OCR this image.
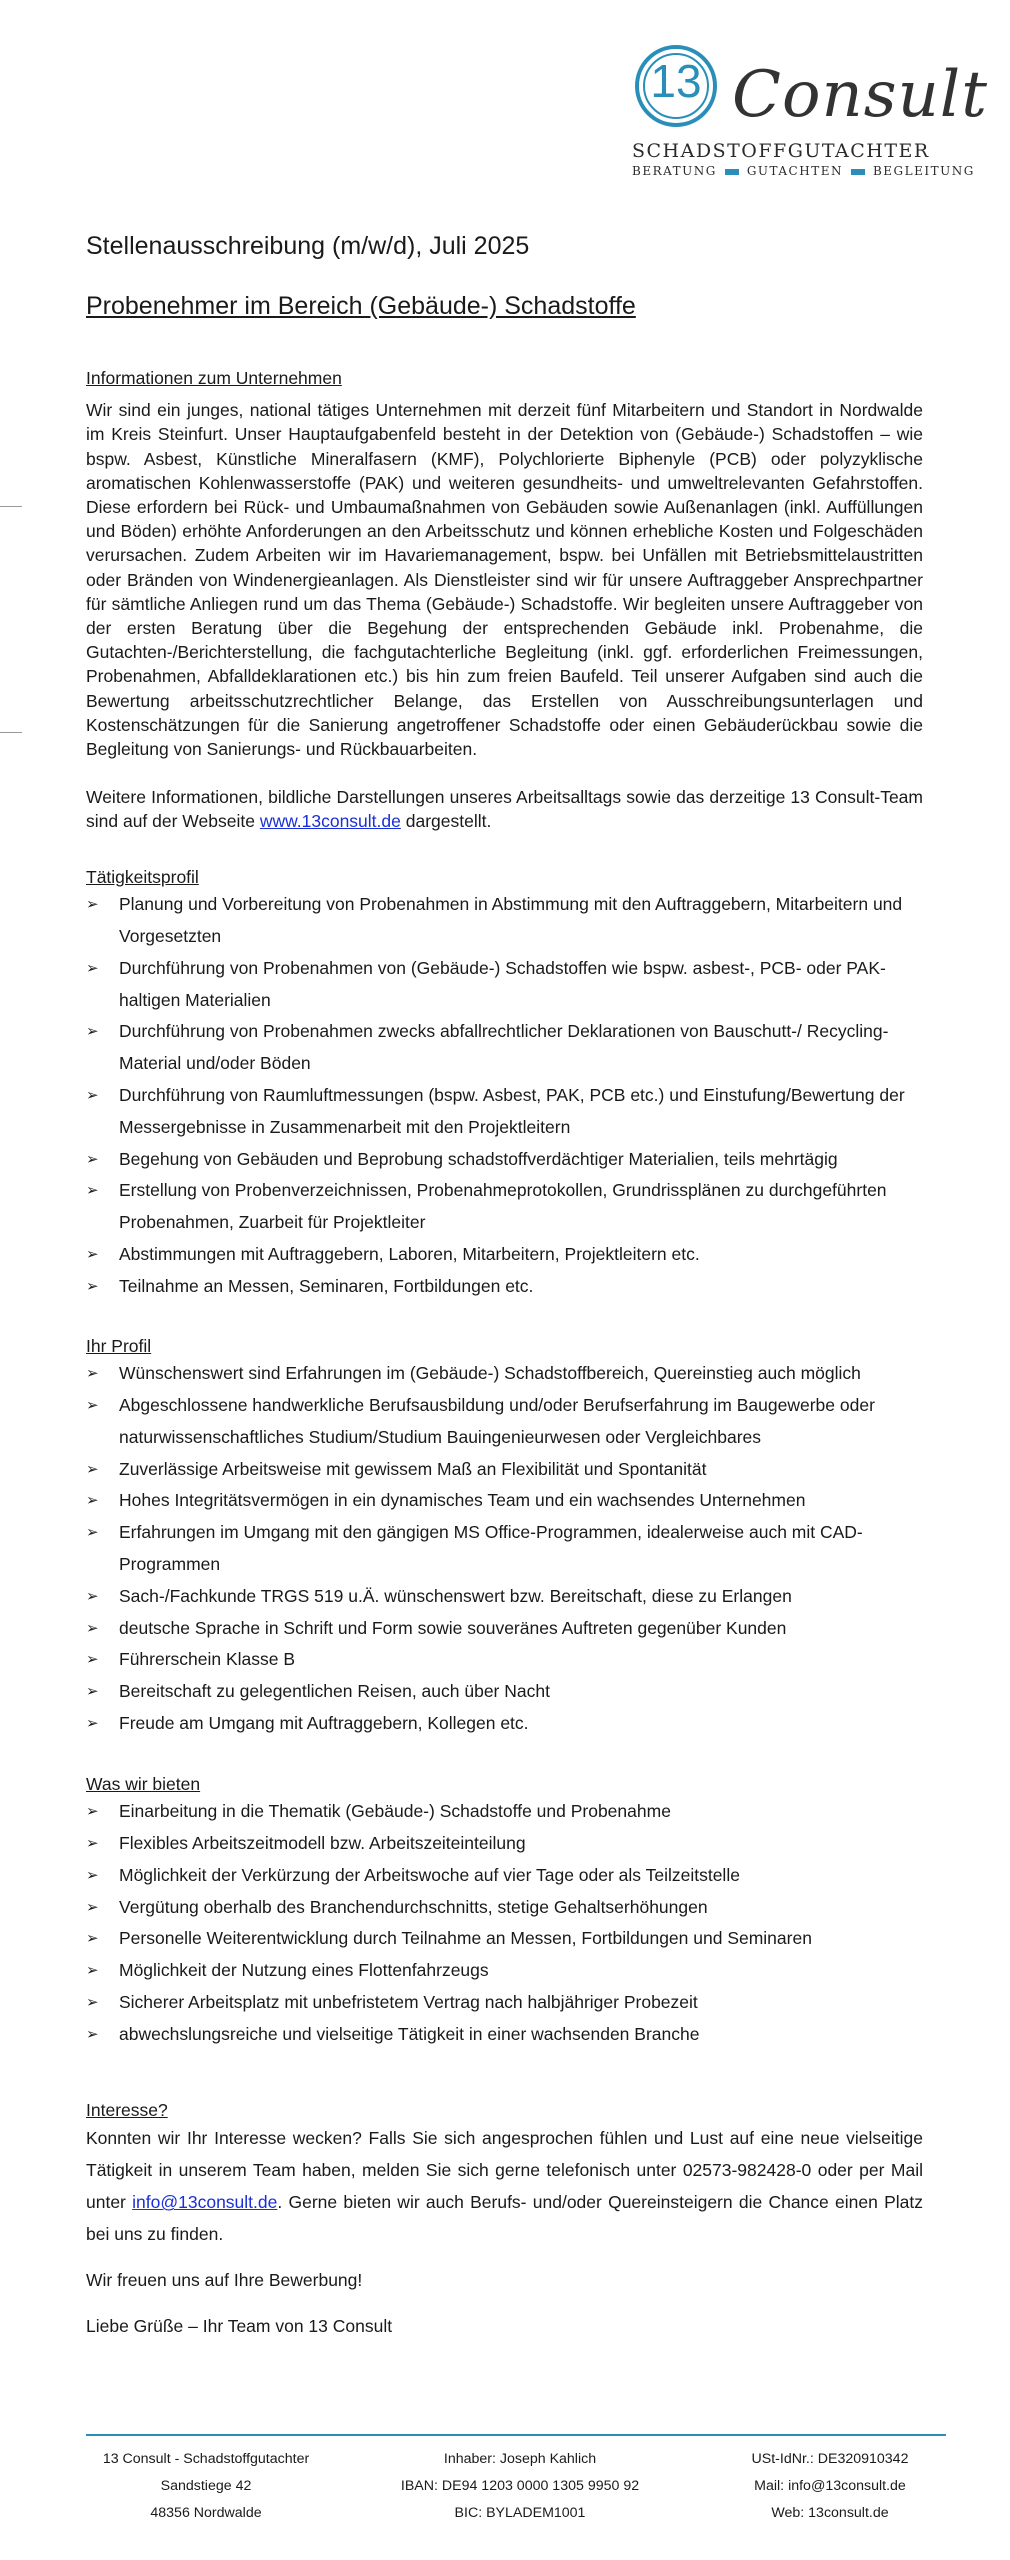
13 Consult
SCHADSTOFFGUTACHTER
BERATUNG	GUTACHTEN	BEGLEITUNG
Stellenausschreibung (m/w/d), Juli 2025
Probenehmer im Bereich (Gebäude-) Schadstoffe
Informationen zum Unternehmen

Wir sind ein junges, national tätiges Unternehmen mit derzeit fünf Mitarbeitern und Standort in Nordwalde im Kreis Steinfurt. Unser Hauptaufgabenfeld besteht in der Detektion von (Gebäude-) Schadstoffen – wie bspw. Asbest, Künstliche Mineralfasern (KMF), Polychlorierte Biphenyle (PCB) oder polyzyklische aromatischen Kohlenwasserstoffe (PAK) und weiteren gesundheits- und umweltrelevanten Gefahrstoffen. Diese erfordern bei Rück- und Umbaumaßnahmen von Gebäuden sowie Außenanlagen (inkl. Auffüllungen und Böden) erhöhte Anforderungen an den Arbeitsschutz und können erhebliche Kosten und Folgeschäden verursachen. Zudem Arbeiten wir im Havariemanagement, bspw. bei Unfällen mit Betriebsmittelaustritten oder Bränden von Windenergieanlagen. Als Dienstleister sind wir für unsere Auftraggeber Ansprechpartner für sämtliche Anliegen rund um das Thema (Gebäude-) Schadstoffe. Wir begleiten unsere Auftraggeber von der ersten Beratung über die Begehung der entsprechenden Gebäude inkl. Probenahme, die Gutachten-/Berichterstellung, die fachgutachterliche Begleitung (inkl. ggf. erforderlichen Freimessungen, Probenahmen, Abfalldeklarationen etc.) bis hin zum freien Baufeld. Teil unserer Aufgaben sind auch die Bewertung arbeitsschutzrechtlicher Belange, das Erstellen von Ausschreibungsunterlagen und Kostenschätzungen für die Sanierung angetroffener Schadstoffe oder einen Gebäuderückbau sowie die Begleitung von Sanierungs- und Rückbauarbeiten.

Weitere Informationen, bildliche Darstellungen unseres Arbeitsalltags sowie das derzeitige 13 Consult-Team sind auf der Webseite www.13consult.de dargestellt.

Tätigkeitsprofil
➢ Planung und Vorbereitung von Probenahmen in Abstimmung mit den Auftraggebern, Mitarbeitern und Vorgesetzten
➢ Durchführung von Probenahmen von (Gebäude-) Schadstoffen wie bspw. asbest-, PCB- oder PAK-haltigen Materialien
➢ Durchführung von Probenahmen zwecks abfallrechtlicher Deklarationen von Bauschutt-/ Recycling-Material und/oder Böden
➢ Durchführung von Raumluftmessungen (bspw. Asbest, PAK, PCB etc.) und Einstufung/Bewertung der Messergebnisse in Zusammenarbeit mit den Projektleitern
➢ Begehung von Gebäuden und Beprobung schadstoffverdächtiger Materialien, teils mehrtägig
➢ Erstellung von Probenverzeichnissen, Probenahmeprotokollen, Grundrissplänen zu durchgeführten Probenahmen, Zuarbeit für Projektleiter
➢ Abstimmungen mit Auftraggebern, Laboren, Mitarbeitern, Projektleitern etc.
➢ Teilnahme an Messen, Seminaren, Fortbildungen etc.
Ihr Profil
➢ Wünschenswert sind Erfahrungen im (Gebäude-) Schadstoffbereich, Quereinstieg auch möglich
➢ Abgeschlossene handwerkliche Berufsausbildung und/oder Berufserfahrung im Baugewerbe oder naturwissenschaftliches Studium/Studium Bauingenieurwesen oder Vergleichbares
➢ Zuverlässige Arbeitsweise mit gewissem Maß an Flexibilität und Spontanität
➢ Hohes Integritätsvermögen in ein dynamisches Team und ein wachsendes Unternehmen
➢ Erfahrungen im Umgang mit den gängigen MS Office-Programmen, idealerweise auch mit CAD-Programmen
➢ Sach-/Fachkunde TRGS 519 u.Ä. wünschenswert bzw. Bereitschaft, diese zu Erlangen
➢ deutsche Sprache in Schrift und Form sowie souveränes Auftreten gegenüber Kunden
➢ Führerschein Klasse B
➢ Bereitschaft zu gelegentlichen Reisen, auch über Nacht
➢ Freude am Umgang mit Auftraggebern, Kollegen etc.
Was wir bieten
➢ Einarbeitung in die Thematik (Gebäude-) Schadstoffe und Probenahme
➢ Flexibles Arbeitszeitmodell bzw. Arbeitszeiteinteilung
➢ Möglichkeit der Verkürzung der Arbeitswoche auf vier Tage oder als Teilzeitstelle
➢ Vergütung oberhalb des Branchendurchschnitts, stetige Gehaltserhöhungen
➢ Personelle Weiterentwicklung durch Teilnahme an Messen, Fortbildungen und Seminaren
➢ Möglichkeit der Nutzung eines Flottenfahrzeugs
➢ Sicherer Arbeitsplatz mit unbefristetem Vertrag nach halbjähriger Probezeit
➢ abwechslungsreiche und vielseitige Tätigkeit in einer wachsenden Branche
Interesse?

Konnten wir Ihr Interesse wecken? Falls Sie sich angesprochen fühlen und Lust auf eine neue vielseitige Tätigkeit in unserem Team haben, melden Sie sich gerne telefonisch unter 02573-982428-0 oder per Mail unter info@13consult.de. Gerne bieten wir auch Berufs- und/oder Quereinsteigern die Chance einen Platz bei uns zu finden.

Wir freuen uns auf Ihre Bewerbung!

Liebe Grüße – Ihr Team von 13 Consult

13 Consult - Schadstoffgutachter
Sandstiege 42
48356 Nordwalde
Inhaber: Joseph Kahlich
IBAN: DE94 1203 0000 1305 9950 92
BIC: BYLADEM1001
USt-IdNr.: DE320910342
Mail: info@13consult.de
Web: 13consult.de
